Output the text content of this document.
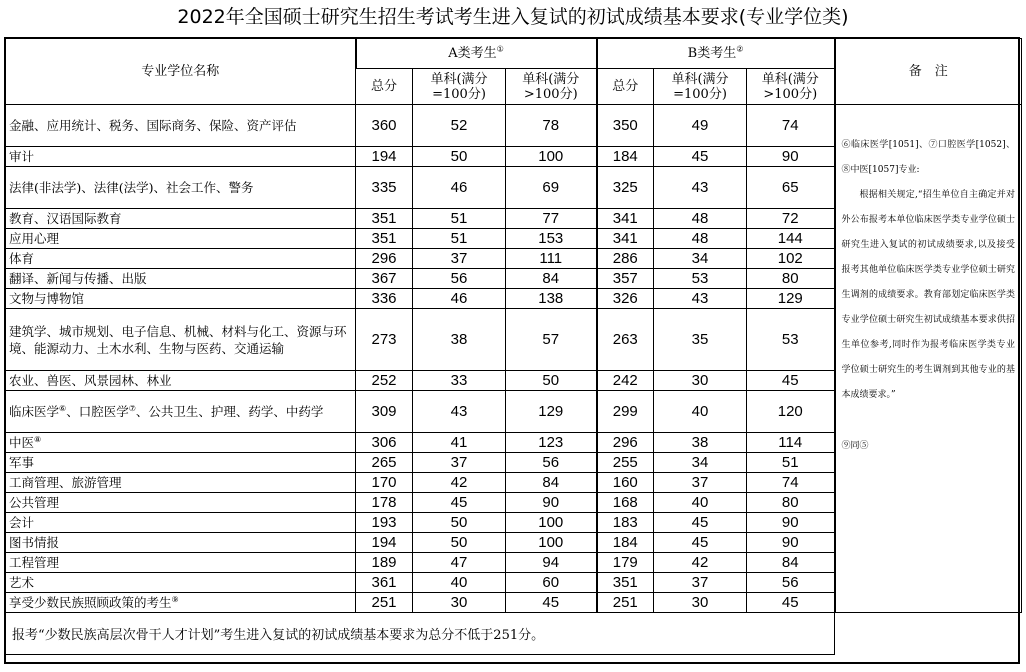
2022年全国硕士研究生招生考试考生进入复试的初试成绩基本要求(专业学位类)
专业学位名称	A类考生①			B类考生②			备　注
	总分	单科(满分=100分)	单科(满分>100分)	总分	单科(满分=100分)	单科(满分>100分)	
金融、应用统计、税务、国际商务、保险、资产评估	360	52	78	350	49	74	⑥临床医学[1051]、⑦口腔医学[1052]、⑧中医[1057]专业:

根据相关规定,“招生单位自主确定并对外公布报考本单位临床医学类专业学位硕士研究生进入复试的初试成绩要求,以及接受报考其他单位临床医学类专业学位硕士研究生调剂的成绩要求。教育部划定临床医学类专业学位硕士研究生初试成绩基本要求供招生单位参考,同时作为报考临床医学类专业学位硕士研究生的考生调剂到其他专业的基本成绩要求。”

⑨同⑤

审计	194	50	100	184	45	90	
法律(非法学)、法律(法学)、社会工作、警务	335	46	69	325	43	65	
教育、汉语国际教育	351	51	77	341	48	72	
应用心理	351	51	153	341	48	144	
体育	296	37	111	286	34	102	
翻译、新闻与传播、出版	367	56	84	357	53	80	
文物与博物馆	336	46	138	326	43	129	
建筑学、城市规划、电子信息、机械、材料与化工、资源与环境、能源动力、土木水利、生物与医药、交通运输	273	38	57	263	35	53	
农业、兽医、风景园林、林业	252	33	50	242	30	45	
临床医学⑥、口腔医学⑦、公共卫生、护理、药学、中药学	309	43	129	299	40	120	
中医⑧	306	41	123	296	38	114	
军事	265	37	56	255	34	51	
工商管理、旅游管理	170	42	84	160	37	74	
公共管理	178	45	90	168	40	80	
会计	193	50	100	183	45	90	
图书情报	194	50	100	184	45	90	
工程管理	189	47	94	179	42	84	
艺术	361	40	60	351	37	56	
享受少数民族照顾政策的考生⑨	251	30	45	251	30	45	
报考“少数民族高层次骨干人才计划”考生进入复试的初试成绩基本要求为总分不低于251分。							
